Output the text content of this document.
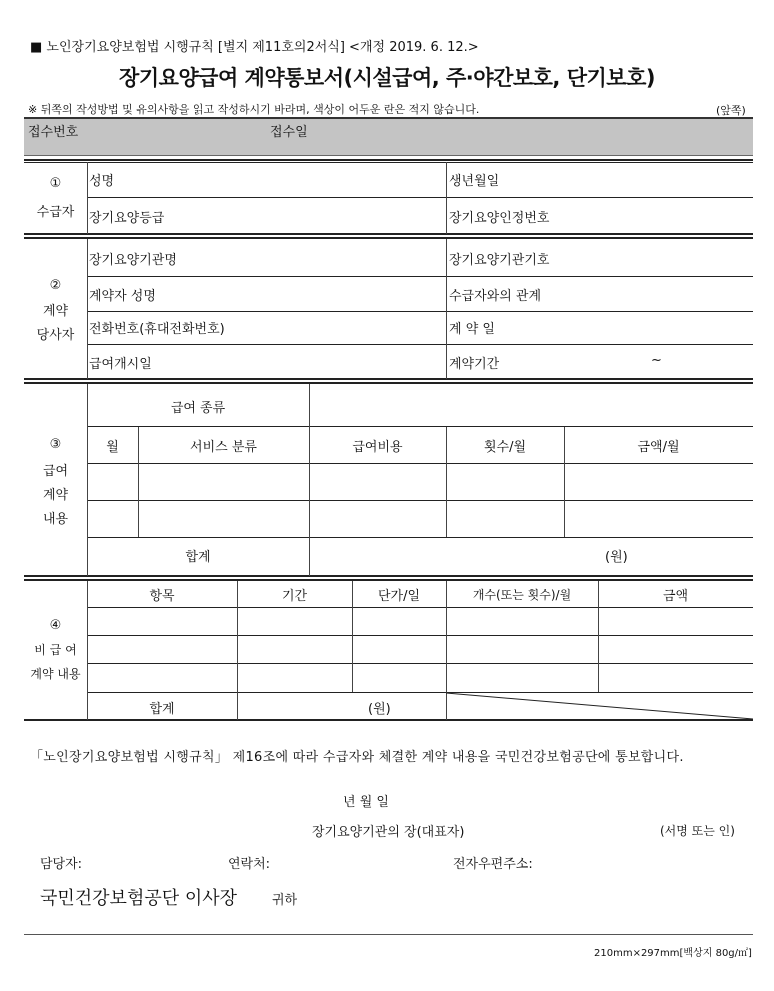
■ 노인장기요양보험법 시행규칙 [별지 제11호의2서식] <개정 2019. 6. 12.>
장기요양급여 계약통보서(시설급여, 주·야간보호, 단기보호)
※ 뒤쪽의 작성방법 및 유의사항을 읽고 작성하시기 바라며, 색상이 어두운 란은 적지 않습니다.	(앞쪽)
접수번호	접수일
①
수급자
성명	생년월일
장기요양등급	장기요양인정번호
②
계약
당사자
장기요양기관명	장기요양기관기호
계약자 성명	수급자와의 관계
전화번호(휴대전화번호)	계 약 일
급여개시일	계약기간	~
③
급여
계약
내용
급여 종류
월	서비스 분류	급여비용	횟수/월	금액/월
합계	(원)
④
비 급 여
계약 내용
항목	기간	단가/일	개수(또는 횟수)/월	금액
합계	(원)
「노인장기요양보험법 시행규칙」 제16조에 따라 수급자와 체결한 계약 내용을 국민건강보험공단에 통보합니다.
년 월 일
장기요양기관의 장(대표자)	(서명 또는 인)
담당자:	연락처:	전자우편주소:
국민건강보험공단 이사장	귀하
210mm×297mm[백상지 80g/㎡]
